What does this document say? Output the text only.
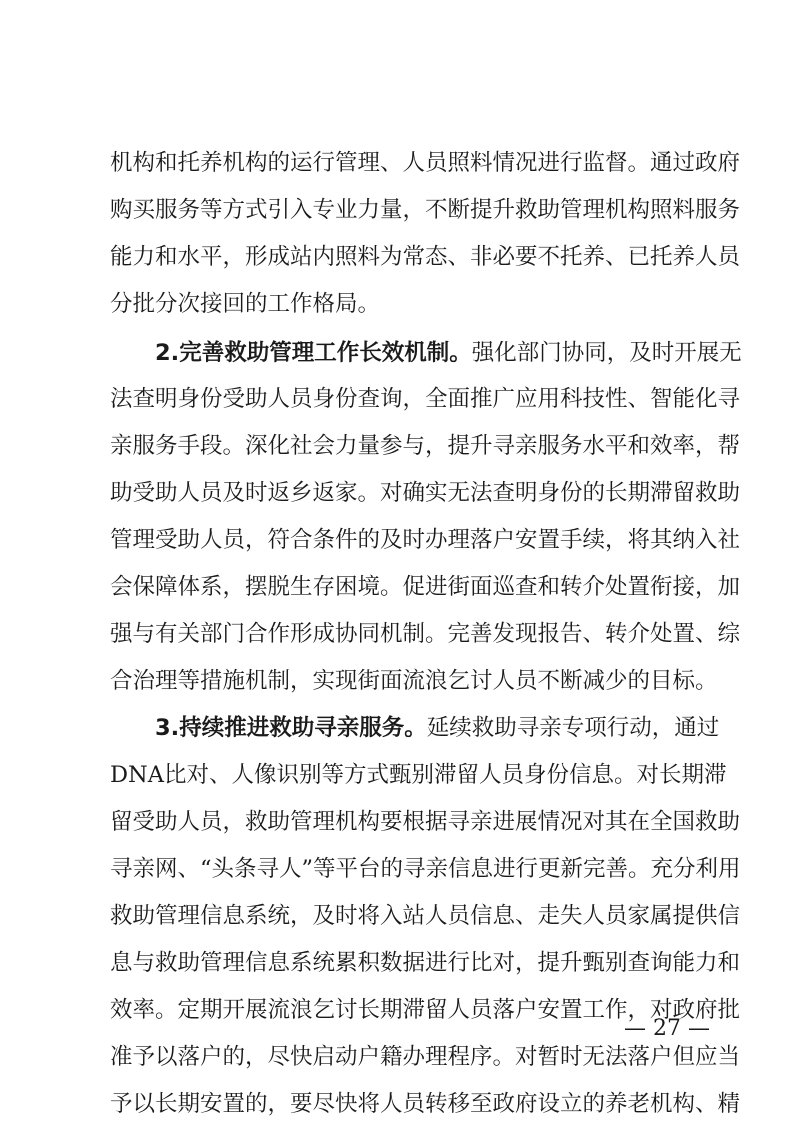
机构和托养机构的运行管理、人员照料情况进行监督。通过政府
购买服务等方式引入专业力量，不断提升救助管理机构照料服务
能力和水平，形成站内照料为常态、非必要不托养、已托养人员
分批分次接回的工作格局。
2.完善救助管理工作长效机制。强化部门协同，及时开展无
法查明身份受助人员身份查询，全面推广应用科技性、智能化寻
亲服务手段。深化社会力量参与，提升寻亲服务水平和效率，帮
助受助人员及时返乡返家。对确实无法查明身份的长期滞留救助
管理受助人员，符合条件的及时办理落户安置手续，将其纳入社
会保障体系，摆脱生存困境。促进街面巡查和转介处置衔接，加
强与有关部门合作形成协同机制。完善发现报告、转介处置、综
合治理等措施机制，实现街面流浪乞讨人员不断减少的目标。
3.持续推进救助寻亲服务。延续救助寻亲专项行动，通过
DNA比对、人像识别等方式甄别滞留人员身份信息。对长期滞
留受助人员，救助管理机构要根据寻亲进展情况对其在全国救助
寻亲网、“头条寻人”等平台的寻亲信息进行更新完善。充分利用
救助管理信息系统，及时将入站人员信息、走失人员家属提供信
息与救助管理信息系统累积数据进行比对，提升甄别查询能力和
效率。定期开展流浪乞讨长期滞留人员落户安置工作，对政府批
准予以落户的，尽快启动户籍办理程序。对暂时无法落户但应当
予以长期安置的，要尽快将人员转移至政府设立的养老机构、精
— 27 —
